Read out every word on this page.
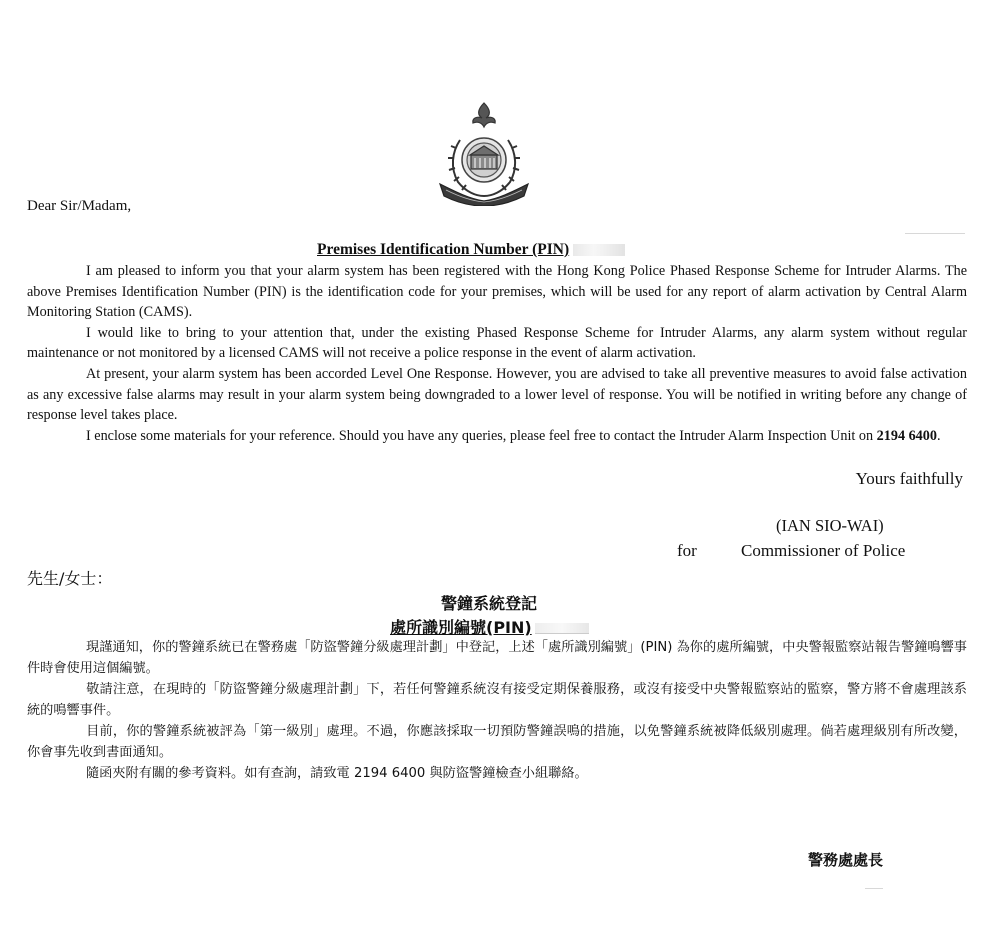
Dear Sir/Madam,
Premises Identification Number (PIN)

I am pleased to inform you that your alarm system has been registered with the Hong Kong Police Phased Response Scheme for Intruder Alarms. The above Premises Identification Number (PIN) is the identification code for your premises, which will be used for any report of alarm activation by Central Alarm Monitoring Station (CAMS).

I would like to bring to your attention that, under the existing Phased Response Scheme for Intruder Alarms, any alarm system without regular maintenance or not monitored by a licensed CAMS will not receive a police response in the event of alarm activation.

At present, your alarm system has been accorded Level One Response. However, you are advised to take all preventive measures to avoid false activation as any excessive false alarms may result in your alarm system being downgraded to a lower level of response. You will be notified in writing before any change of response level takes place.

I enclose some materials for your reference. Should you have any queries, please feel free to contact the Intruder Alarm Inspection Unit on 2194 6400.

Yours faithfully
(IAN SIO-WAI)
for	Commissioner of Police
先生/女士：
警鐘系統登記
處所識別編號(PIN)

現謹通知，你的警鐘系統已在警務處「防盜警鐘分級處理計劃」中登記，上述「處所識別編號」(PIN) 為你的處所編號，中央警報監察站報告警鐘鳴響事件時會使用這個編號。

敬請注意，在現時的「防盜警鐘分級處理計劃」下，若任何警鐘系統沒有接受定期保養服務，或沒有接受中央警報監察站的監察，警方將不會處理該系統的鳴響事件。

目前，你的警鐘系統被評為「第一級別」處理。不過，你應該採取一切預防警鐘誤鳴的措施，以免警鐘系統被降低級別處理。倘若處理級別有所改變，你會事先收到書面通知。

隨函夾附有關的參考資料。如有查詢，請致電 2194 6400 與防盜警鐘檢查小組聯絡。

警務處處長
